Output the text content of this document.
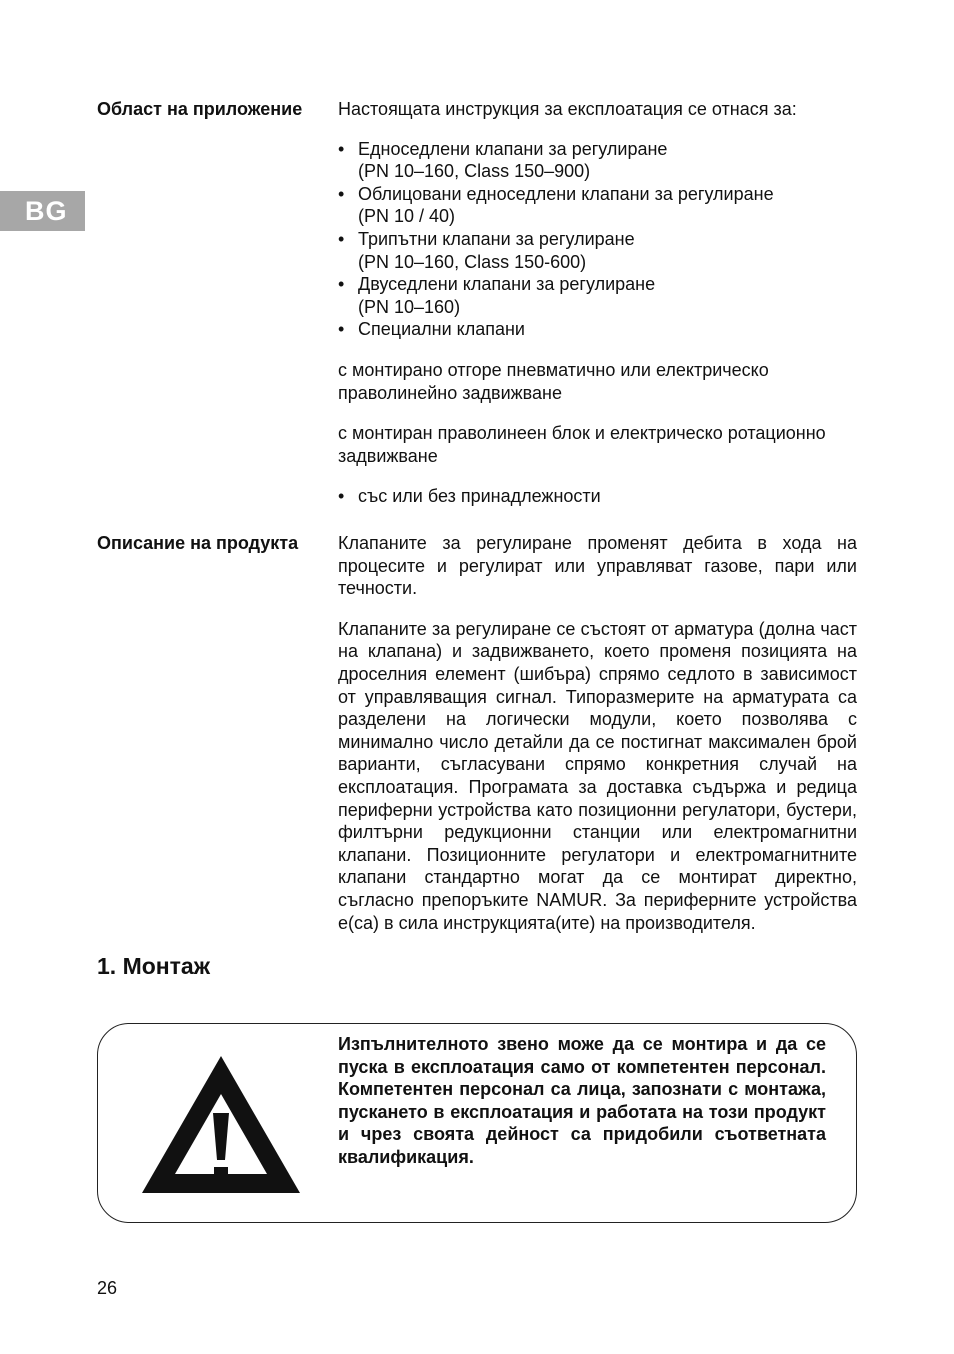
BG
Област на приложение Настоящата инструкция за експлоатация се отнася за:

• Едноседлени клапани за регулиране
(PN 10–160, Class 150–900)
• Облицовани едноседлени клапани за регулиране
(PN 10 / 40)
• Трипътни клапани за регулиране
(PN 10–160, Class 150-600)
• Двуседлени клапани за регулиране
(PN 10–160)
• Специални клапани

с монтирано отгоре пневматично или електрическо праволинейно задвижване

с монтиран праволинеен блок и електрическо ротационно задвижване

• със или без принадлежности
Описание на продукта Клапаните за регулиране променят дебита в хода на процесите и регулират или управляват газове, пари или течности.

Клапаните за регулиране се състоят от арматура (долна част на клапана) и задвижването, което променя позицията на дроселния елемент (шибъра) спрямо седлото в зависимост от управляващия сигнал. Типоразмерите на арматурата са разделени на логически модули, което позволява с минимално число детайли да се постигнат максимален брой варианти, съгласувани спрямо конкретния случай на експлоатация. Програмата за доставка съдържа и редица периферни устройства като позиционни регулатори, бустери, филтърни редукционни станции или електромагнитни клапани. Позиционните регулатори и електромагнитните клапани стандартно могат да се монтират директно, съгласно препоръките NAMUR. За периферните устройства е(са) в сила инструкцията(ите) на производителя.

1. Монтаж
Изпълнителното звено може да се монтира и да се пуска в експлоатация само от компетентен персонал. Компетентен персонал са лица, запознати с монтажа, пускането в експлоатация и работата на този продукт и чрез своята дейност са придобили съответната квалификация.
26
